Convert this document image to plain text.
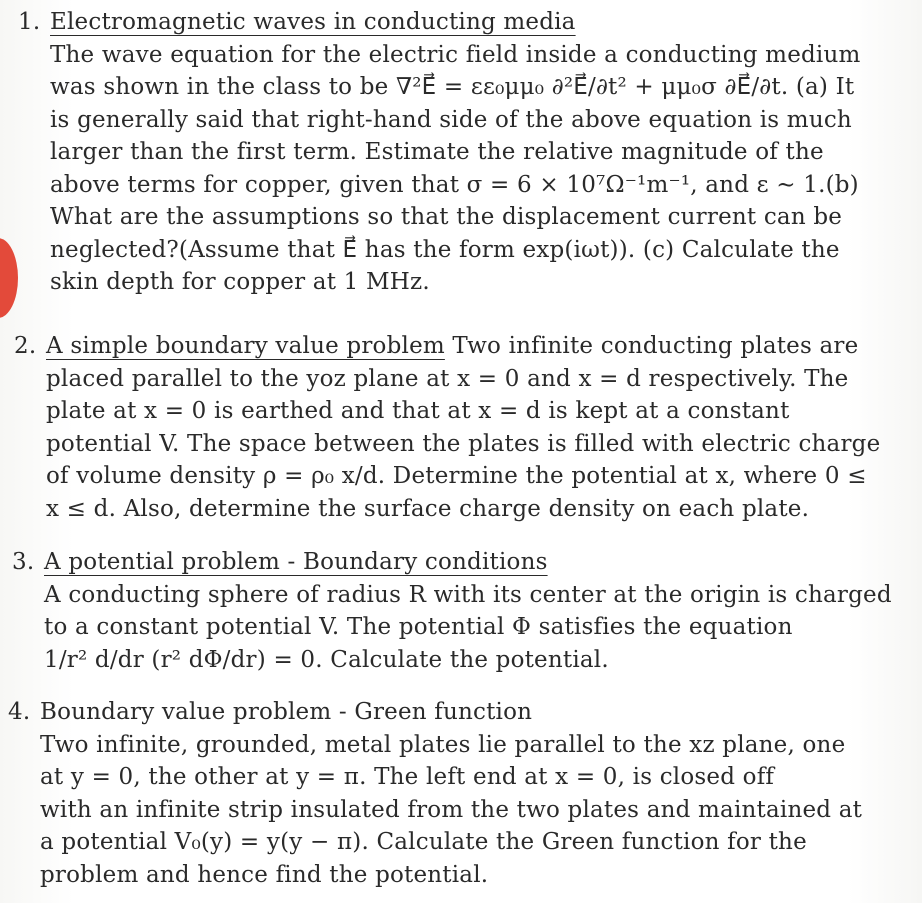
1. Electromagnetic waves in conducting media
The wave equation for the electric field inside a conducting medium
was shown in the class to be ∇²E⃗ = εε₀μμ₀ ∂²E⃗/∂t² + μμ₀σ ∂E⃗/∂t. (a) It
is generally said that right-hand side of the above equation is much
larger than the first term. Estimate the relative magnitude of the
above terms for copper, given that σ = 6 × 10⁷Ω⁻¹m⁻¹, and ε ∼ 1.(b)
What are the assumptions so that the displacement current can be
neglected?(Assume that E⃗ has the form exp(iωt)). (c) Calculate the
skin depth for copper at 1 MHz.
2. A simple boundary value problem Two infinite conducting plates are
placed parallel to the yoz plane at x = 0 and x = d respectively. The
plate at x = 0 is earthed and that at x = d is kept at a constant
potential V. The space between the plates is filled with electric charge
of volume density ρ = ρ₀ x/d. Determine the potential at x, where 0 ≤
x ≤ d. Also, determine the surface charge density on each plate.
3. A potential problem - Boundary conditions
A conducting sphere of radius R with its center at the origin is charged
to a constant potential V. The potential Φ satisfies the equation
1/r² d/dr (r² dΦ/dr) = 0. Calculate the potential.
4. Boundary value problem - Green function
Two infinite, grounded, metal plates lie parallel to the xz plane, one
at y = 0, the other at y = π. The left end at x = 0, is closed off
with an infinite strip insulated from the two plates and maintained at
a potential V₀(y) = y(y − π). Calculate the Green function for the
problem and hence find the potential.
